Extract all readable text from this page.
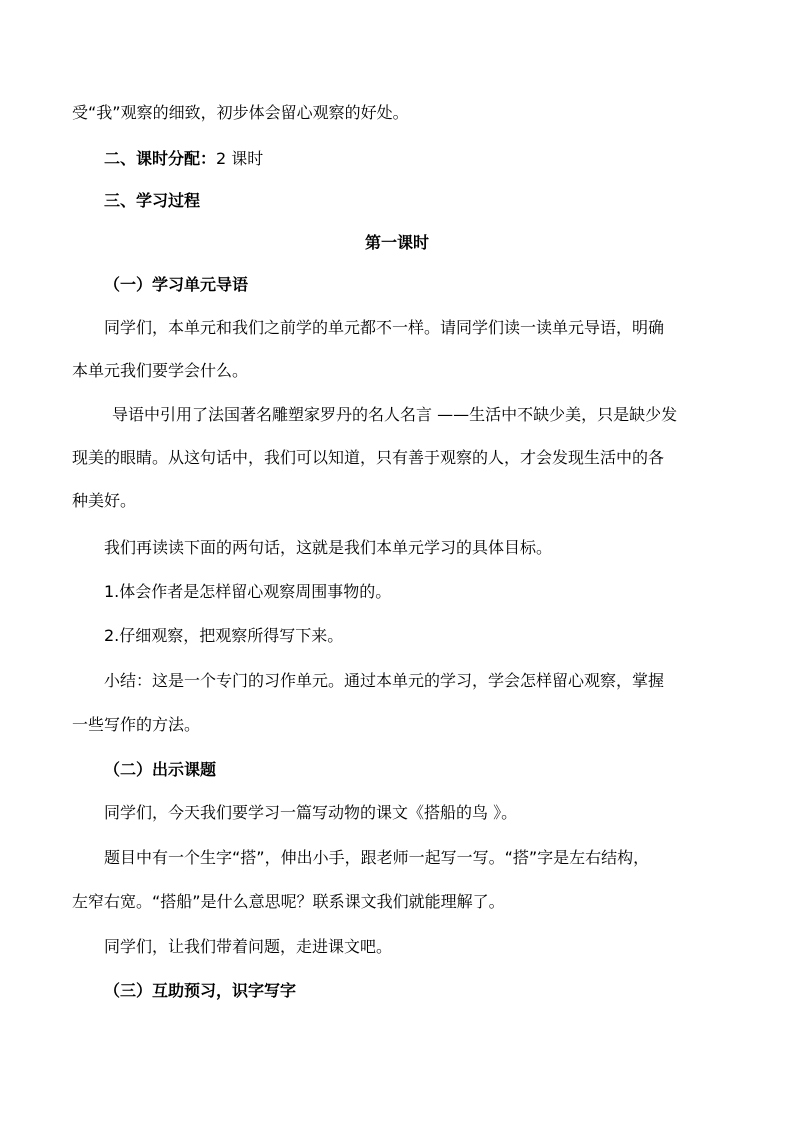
受“我”观察的细致，初步体会留心观察的好处。
二、课时分配： 2 课时
三、学习过程
第一课时
（一）学习单元导语
同学们，本单元和我们之前学的单元都不一样。请同学们读一读单元导语，明确
本单元我们要学会什么。
导语中引用了法国著名雕塑家罗丹的名人名言 ——生活中不缺少美，只是缺少发
现美的眼睛。从这句话中，我们可以知道，只有善于观察的人，才会发现生活中的各
种美好。
我们再读读下面的两句话，这就是我们本单元学习的具体目标。
1.体会作者是怎样留心观察周围事物的。
2.仔细观察，把观察所得写下来。
小结：这是一个专门的习作单元。通过本单元的学习，学会怎样留心观察，掌握
一些写作的方法。
（二）出示课题
同学们，今天我们要学习一篇写动物的课文《搭船的鸟 》。
题目中有一个生字“搭”，伸出小手，跟老师一起写一写。“搭”字是左右结构，
左窄右宽。“搭船”是什么意思呢？联系课文我们就能理解了。
同学们，让我们带着问题，走进课文吧。
（三）互助预习，识字写字
